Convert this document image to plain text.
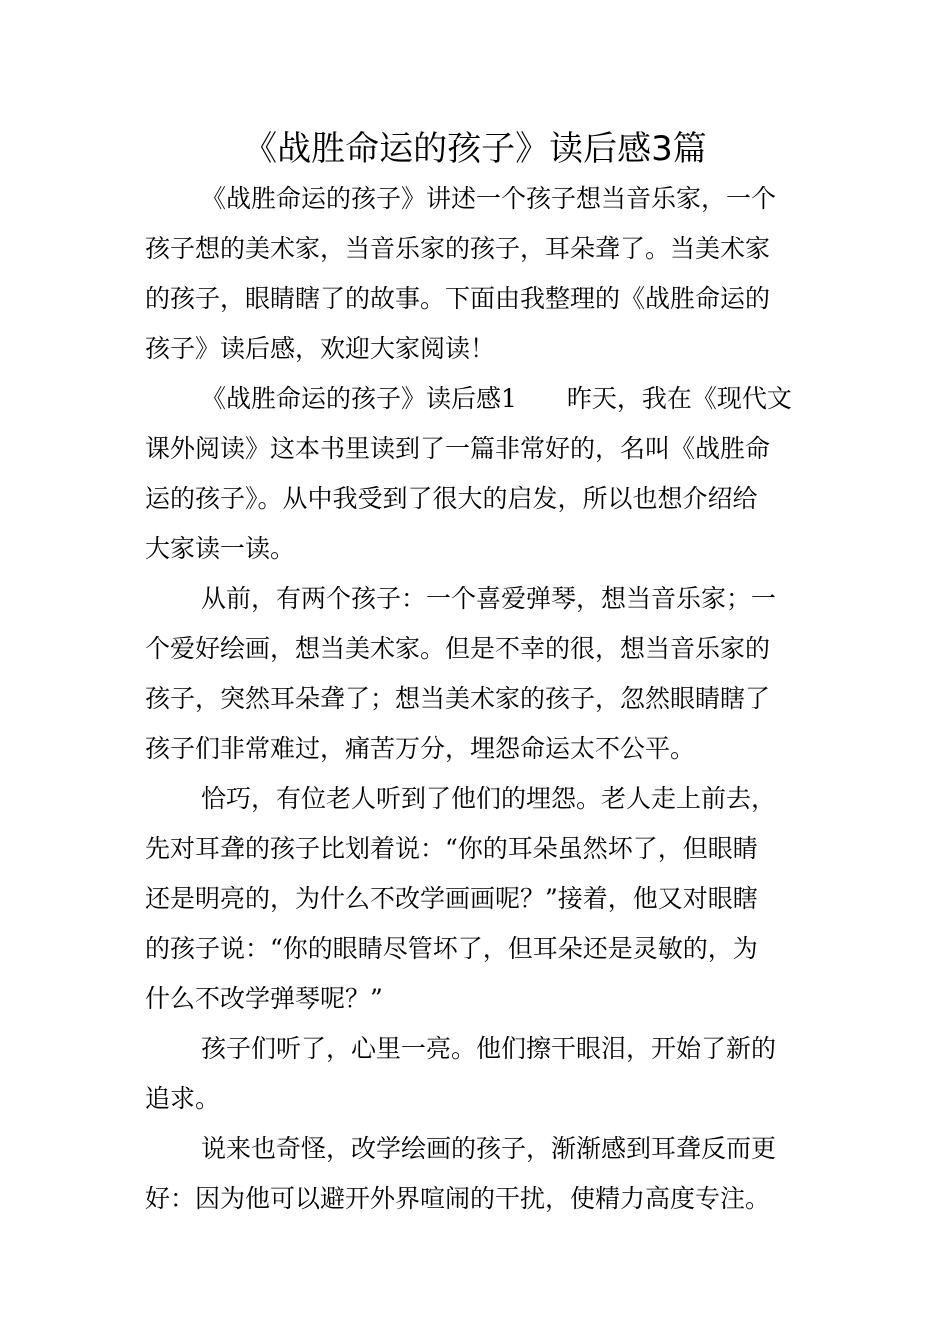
《战胜命运的孩子》读后感3篇

《战胜命运的孩子》讲述一个孩子想当音乐家，一个
孩子想的美术家，当音乐家的孩子，耳朵聋了。当美术家
的孩子，眼睛瞎了的故事。下面由我整理的《战胜命运的
孩子》读后感，欢迎大家阅读！

《战胜命运的孩子》读后感1　　昨天，我在《现代文
课外阅读》这本书里读到了一篇非常好的，名叫《战胜命
运的孩子》。从中我受到了很大的启发，所以也想介绍给
大家读一读。

从前，有两个孩子：一个喜爱弹琴，想当音乐家；一
个爱好绘画，想当美术家。但是不幸的很，想当音乐家的
孩子，突然耳朵聋了；想当美术家的孩子，忽然眼睛瞎了
孩子们非常难过，痛苦万分，埋怨命运太不公平。

恰巧，有位老人听到了他们的埋怨。老人走上前去，
先对耳聋的孩子比划着说：“你的耳朵虽然坏了，但眼睛
还是明亮的，为什么不改学画画呢？”接着，他又对眼瞎
的孩子说：“你的眼睛尽管坏了，但耳朵还是灵敏的，为
什么不改学弹琴呢？”

孩子们听了，心里一亮。他们擦干眼泪，开始了新的
追求。

说来也奇怪，改学绘画的孩子，渐渐感到耳聋反而更
好：因为他可以避开外界喧闹的干扰，使精力高度专注。
